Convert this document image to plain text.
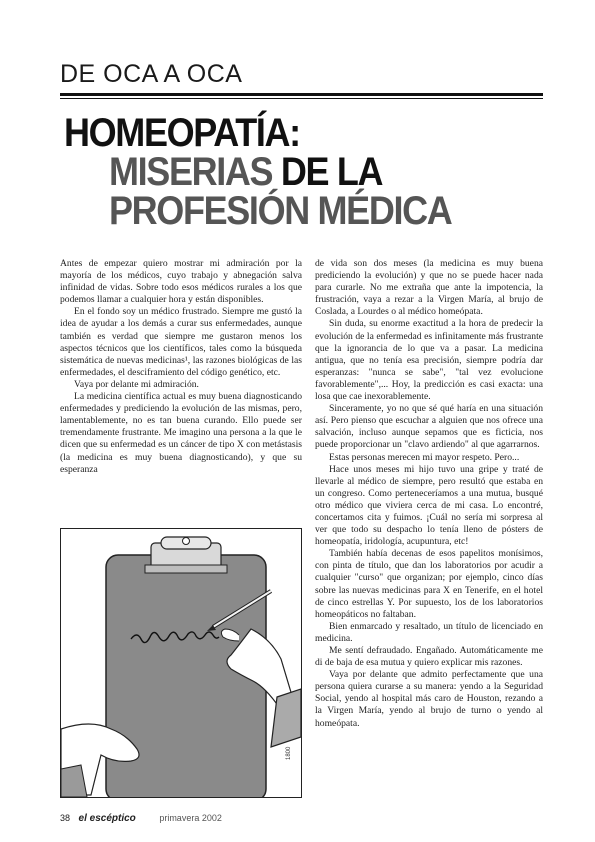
DE OCA A OCA
HOMEOPATÍA:
MISERIAS DE LA
PROFESIÓN MÉDICA

Antes de empezar quiero mostrar mi admiración por la mayoría de los médicos, cuyo trabajo y abnegación salva infinidad de vidas. Sobre todo esos médicos rurales a los que podemos llamar a cualquier hora y están disponibles.

En el fondo soy un médico frustrado. Siempre me gustó la idea de ayudar a los demás a curar sus enfermedades, aunque también es verdad que siempre me gustaron menos los aspectos técnicos que los científicos, tales como la búsqueda sistemática de nuevas medicinas¹, las razones biológicas de las enfermedades, el desciframiento del código genético, etc.

Vaya por delante mi admiración.

La medicina científica actual es muy buena diagnosticando enfermedades y prediciendo la evolución de las mismas, pero, lamentablemente, no es tan buena curando. Ello puede ser tremendamente frustrante. Me imagino una persona a la que le dicen que su enfermedad es un cáncer de tipo X con metástasis (la medicina es muy buena diagnosticando), y que su esperanza

1800

de vida son dos meses (la medicina es muy buena prediciendo la evolución) y que no se puede hacer nada para curarle. No me extraña que ante la impotencia, la frustración, vaya a rezar a la Virgen María, al brujo de Coslada, a Lourdes o al médico homeópata.

Sin duda, su enorme exactitud a la hora de predecir la evolución de la enfermedad es infinitamente más frustrante que la ignorancia de lo que va a pasar. La medicina antigua, que no tenía esa precisión, siempre podría dar esperanzas: "nunca se sabe", "tal vez evolucione favorablemente",... Hoy, la predicción es casi exacta: una losa que cae inexorablemente.

Sinceramente, yo no que sé qué haría en una situación así. Pero pienso que escuchar a alguien que nos ofrece una salvación, incluso aunque sepamos que es ficticia, nos puede proporcionar un "clavo ardiendo" al que agarrarnos.

Estas personas merecen mi mayor respeto. Pero...

Hace unos meses mi hijo tuvo una gripe y traté de llevarle al médico de siempre, pero resultó que estaba en un congreso. Como perteneceríamos a una mutua, busqué otro médico que viviera cerca de mi casa. Lo encontré, concertamos cita y fuimos. ¡Cuál no sería mi sorpresa al ver que todo su despacho lo tenía lleno de pósters de homeopatía, iridología, acupuntura, etc!

También había decenas de esos papelitos monísimos, con pinta de título, que dan los laboratorios por acudir a cualquier "curso" que organizan; por ejemplo, cinco días sobre las nuevas medicinas para X en Tenerife, en el hotel de cinco estrellas Y. Por supuesto, los de los laboratorios homeopáticos no faltaban.

Bien enmarcado y resaltado, un título de licenciado en medicina.

Me sentí defraudado. Engañado. Automáticamente me di de baja de esa mutua y quiero explicar mis razones.

Vaya por delante que admito perfectamente que una persona quiera curarse a su manera: yendo a la Seguridad Social, yendo al hospital más caro de Houston, rezando a la Virgen María, yendo al brujo de turno o yendo al homeópata.

38 el escéptico	primavera 2002
